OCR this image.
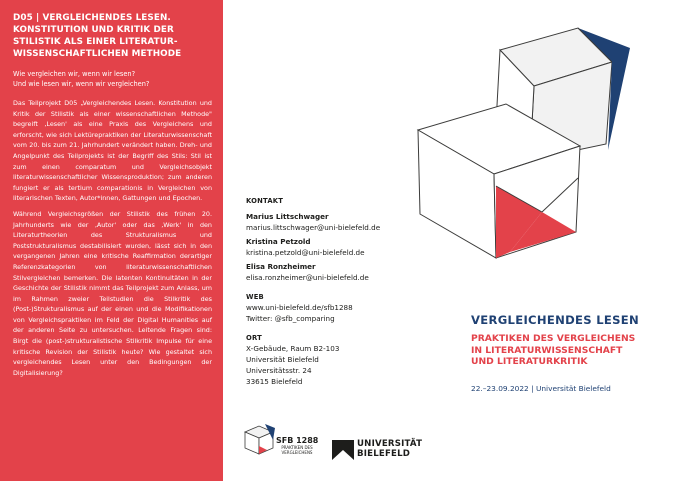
D05 | VERGLEICHENDES LESEN. KONSTITUTION UND KRITIK DER STILISTIK ALS EINER LITERATUR-WISSENSCHAFTLICHEN METHODE
Wie vergleichen wir, wenn wir lesen?
Und wie lesen wir, wenn wir vergleichen?

Das Teilprojekt D05 „Vergleichendes Lesen. Konstitution und Kritik der Stilistik als einer wissenschaftlichen Methode" begreift ‚Lesen' als eine Praxis des Vergleichens und erforscht, wie sich Lektürepraktiken der Literaturwissenschaft vom 20. bis zum 21. Jahrhundert verändert haben. Dreh- und Angelpunkt des Teilprojekts ist der Begriff des Stils: Stil ist zum einen comparatum und Vergleichsobjekt literaturwissenschaftlicher Wissensproduktion; zum anderen fungiert er als tertium comparationis in Vergleichen von literarischen Texten, Autor*innen, Gattungen und Epochen.

Während Vergleichsgrößen der Stilistik des frühen 20. Jahrhunderts wie der ‚Autor' oder das ‚Werk' in den Literaturtheorien des Strukturalismus und Poststrukturalismus destabilisiert wurden, lässt sich in den vergangenen Jahren eine kritische Reaffirmation derartiger Referenzkategorien von literaturwissenschaftlichen Stilvergleichen bemerken. Die latenten Kontinuitäten in der Geschichte der Stilistik nimmt das Teilprojekt zum Anlass, um im Rahmen zweier Teilstudien die Stilkritik des (Post-)Strukturalismus auf der einen und die Modifikationen von Vergleichspraktiken im Feld der Digital Humanities auf der anderen Seite zu untersuchen. Leitende Fragen sind: Birgt die (post-)strukturalistische Stilkritik Impulse für eine kritische Revision der Stilistik heute? Wie gestaltet sich vergleichendes Lesen unter den Bedingungen der Digitalisierung?

KONTAKT
Marius Littschwager
marius.littschwager@uni-bielefeld.de
Kristina Petzold
kristina.petzold@uni-bielefeld.de
Elisa Ronzheimer
elisa.ronzheimer@uni-bielefeld.de
WEB
www.uni-bielefeld.de/sfb1288
Twitter: @sfb_comparing
ORT
X-Gebäude, Raum B2-103
Universität Bielefeld
Universitätsstr. 24
33615 Bielefeld
VERGLEICHENDES LESEN
PRAKTIKEN DES VERGLEICHENS
IN LITERATURWISSENSCHAFT
UND LITERATURKRITIK
22.–23.09.2022 | Universität Bielefeld
SFB 1288
PRAKTIKEN DES
VERGLEICHENS
UNIVERSITÄT
BIELEFELD
